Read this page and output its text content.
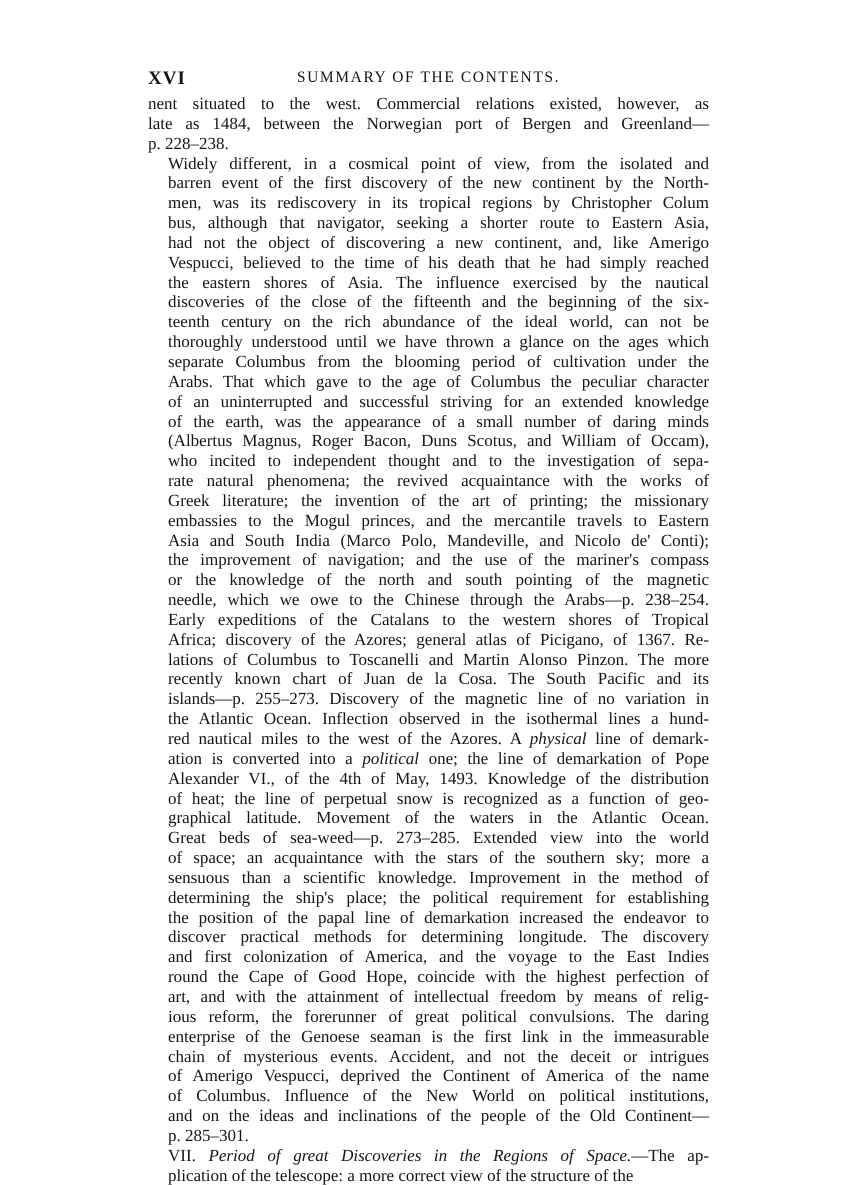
XVI	SUMMARY OF THE CONTENTS.

nent situated to the west. Commercial relations existed, however, as
late as 1484, between the Norwegian port of Bergen and Greenland—
p. 228–238.

Widely different, in a cosmical point of view, from the isolated and
barren event of the first discovery of the new continent by the North-
men, was its rediscovery in its tropical regions by Christopher Colum
bus, although that navigator, seeking a shorter route to Eastern Asia,
had not the object of discovering a new continent, and, like Amerigo
Vespucci, believed to the time of his death that he had simply reached
the eastern shores of Asia. The influence exercised by the nautical
discoveries of the close of the fifteenth and the beginning of the six-
teenth century on the rich abundance of the ideal world, can not be
thoroughly understood until we have thrown a glance on the ages which
separate Columbus from the blooming period of cultivation under the
Arabs. That which gave to the age of Columbus the peculiar character
of an uninterrupted and successful striving for an extended knowledge
of the earth, was the appearance of a small number of daring minds
(Albertus Magnus, Roger Bacon, Duns Scotus, and William of Occam),
who incited to independent thought and to the investigation of sepa-
rate natural phenomena; the revived acquaintance with the works of
Greek literature; the invention of the art of printing; the missionary
embassies to the Mogul princes, and the mercantile travels to Eastern
Asia and South India (Marco Polo, Mandeville, and Nicolo de' Conti);
the improvement of navigation; and the use of the mariner's compass
or the knowledge of the north and south pointing of the magnetic
needle, which we owe to the Chinese through the Arabs—p. 238–254.
Early expeditions of the Catalans to the western shores of Tropical
Africa; discovery of the Azores; general atlas of Picigano, of 1367. Re-
lations of Columbus to Toscanelli and Martin Alonso Pinzon. The more
recently known chart of Juan de la Cosa. The South Pacific and its
islands—p. 255–273. Discovery of the magnetic line of no variation in
the Atlantic Ocean. Inflection observed in the isothermal lines a hund-
red nautical miles to the west of the Azores. A physical line of demark-
ation is converted into a political one; the line of demarkation of Pope
Alexander VI., of the 4th of May, 1493. Knowledge of the distribution
of heat; the line of perpetual snow is recognized as a function of geo-
graphical latitude. Movement of the waters in the Atlantic Ocean.
Great beds of sea-weed—p. 273–285. Extended view into the world
of space; an acquaintance with the stars of the southern sky; more a
sensuous than a scientific knowledge. Improvement in the method of
determining the ship's place; the political requirement for establishing
the position of the papal line of demarkation increased the endeavor to
discover practical methods for determining longitude. The discovery
and first colonization of America, and the voyage to the East Indies
round the Cape of Good Hope, coincide with the highest perfection of
art, and with the attainment of intellectual freedom by means of relig-
ious reform, the forerunner of great political convulsions. The daring
enterprise of the Genoese seaman is the first link in the immeasurable
chain of mysterious events. Accident, and not the deceit or intrigues
of Amerigo Vespucci, deprived the Continent of America of the name
of Columbus. Influence of the New World on political institutions,
and on the ideas and inclinations of the people of the Old Continent—
p. 285–301.

VII. Period of great Discoveries in the Regions of Space.—The ap-
plication of the telescope: a more correct view of the structure of the
